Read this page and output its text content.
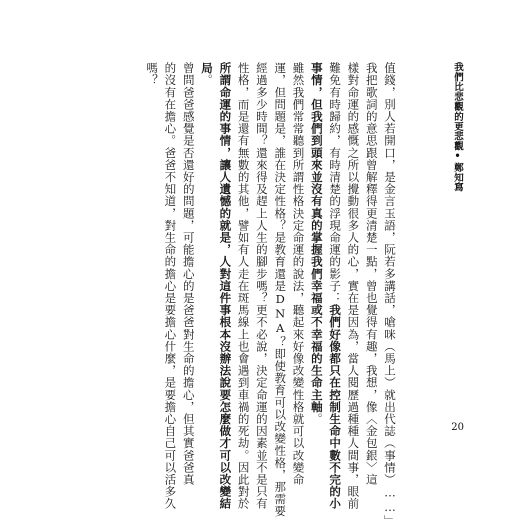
我們比悲觀的更悲觀•鄭知寫
20
值錢，別人若開口，是金言玉語，阮若多講話，嗆咪（馬上）就出代誌（事情）……」
我把歌詞的意思跟曾解釋得更清楚一點，曾也覺得有趣，我想，像〈金包銀〉這
樣對命運的感慨之所以攪動很多人的心，實在是因為，當人閱歷過種種人間事，眼前
難免有時歸約，有時清楚的浮現命運的影子：我們好像都只在控制生命中數不完的小
事情，但我們到頭來並沒有真的掌握我們幸福或不幸福的生命主軸。
雖然我們常常聽到所謂性格決定命運的說法，聽起來好像改變性格就可以改變命
運，但問題是，誰在決定性格？是教育還是DNA？即使教育可以改變性格，那需要
經過多少時間？還來得及趕上人生的腳步嗎？更不必說，決定命運的因素並不是只有
性格，而是還有無數的其他，譬如有人走在斑馬線上也會遇到車禍的死劫。因此對於
所謂命運的事情，讓人遺憾的就是，人對這件事根本沒辦法說要怎麼做才可以改變結
局。
曾問爸爸感覺是否還好的問題，可能擔心的是爸爸對生命的擔心，但其實爸爸真
的沒有在擔心。爸爸不知道，對生命的擔心是要擔心什麼，是要擔心自己可以活多久
嗎？
